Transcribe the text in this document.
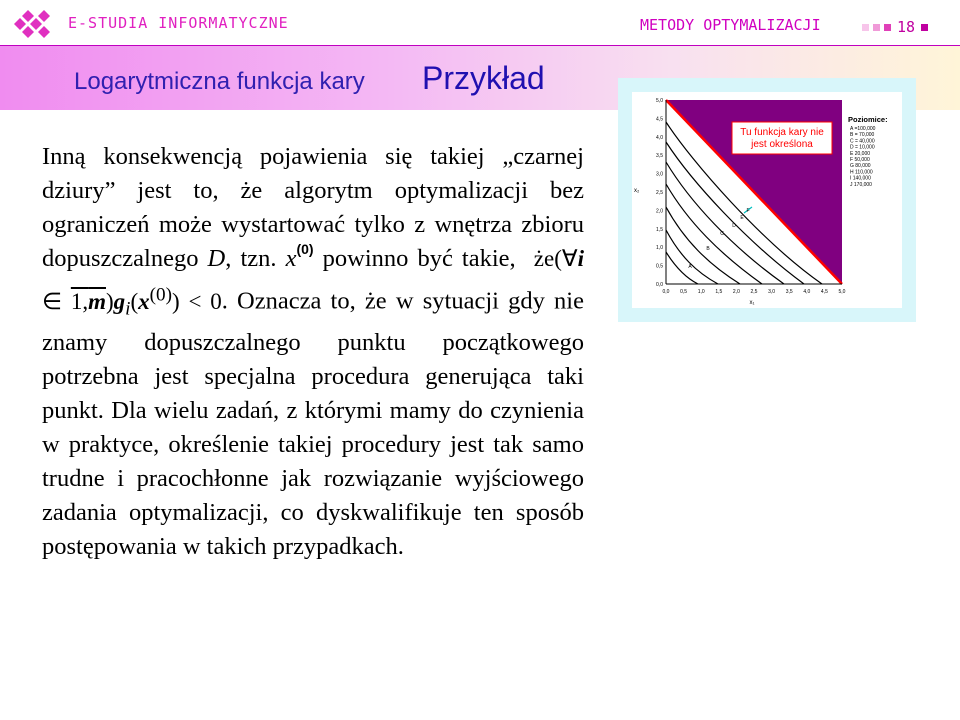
E-STUDIA INFORMATYCZNE	METODY OPTYMALIZACJI	18
Logarytmiczna funkcja kary Przykład

Inną konsekwencją pojawienia się takiej „czarnej dziury” jest to, że algorytm optymalizacji bez ograniczeń może wystartować tylko z wnętrza zbioru dopuszczalnego D, tzn. $x^{(0)}$ powinno być takie, że(∀i ∈ $1,m)g_i(x^{(0)}) < 0$. Oznacza to, że w sytuacji gdy nie znamy dopuszczalnego punktu początkowego potrzebna jest specjalna procedura generująca taki punkt. Dla wielu zadań, z którymi mamy do czynienia w praktyce, określenie takiej procedury jest tak samo trudne i pracochłonne jak rozwiązanie wyjściowego zadania optymalizacji, co dyskwalifikuje ten sposób postępowania w takich przypadkach.

Tu funkcja kary nie
jest określona
Poziomice:
A =100,000
B = 70,000
C = 40,000
D = 10,000
E 20,000
F 50,000
G 80,000
H 110,000
I 140,000
J 170,000
0,0 0,5 1,0 1,5 2,0 2,5 3,0 3,5 4,0 4,5 5,0
5,0
4,5
4,0
3,5
3,0
2,5
2,0
1,5
1,0
0,5
0,0
A
B
C
D
E
F
x₁
x₂
